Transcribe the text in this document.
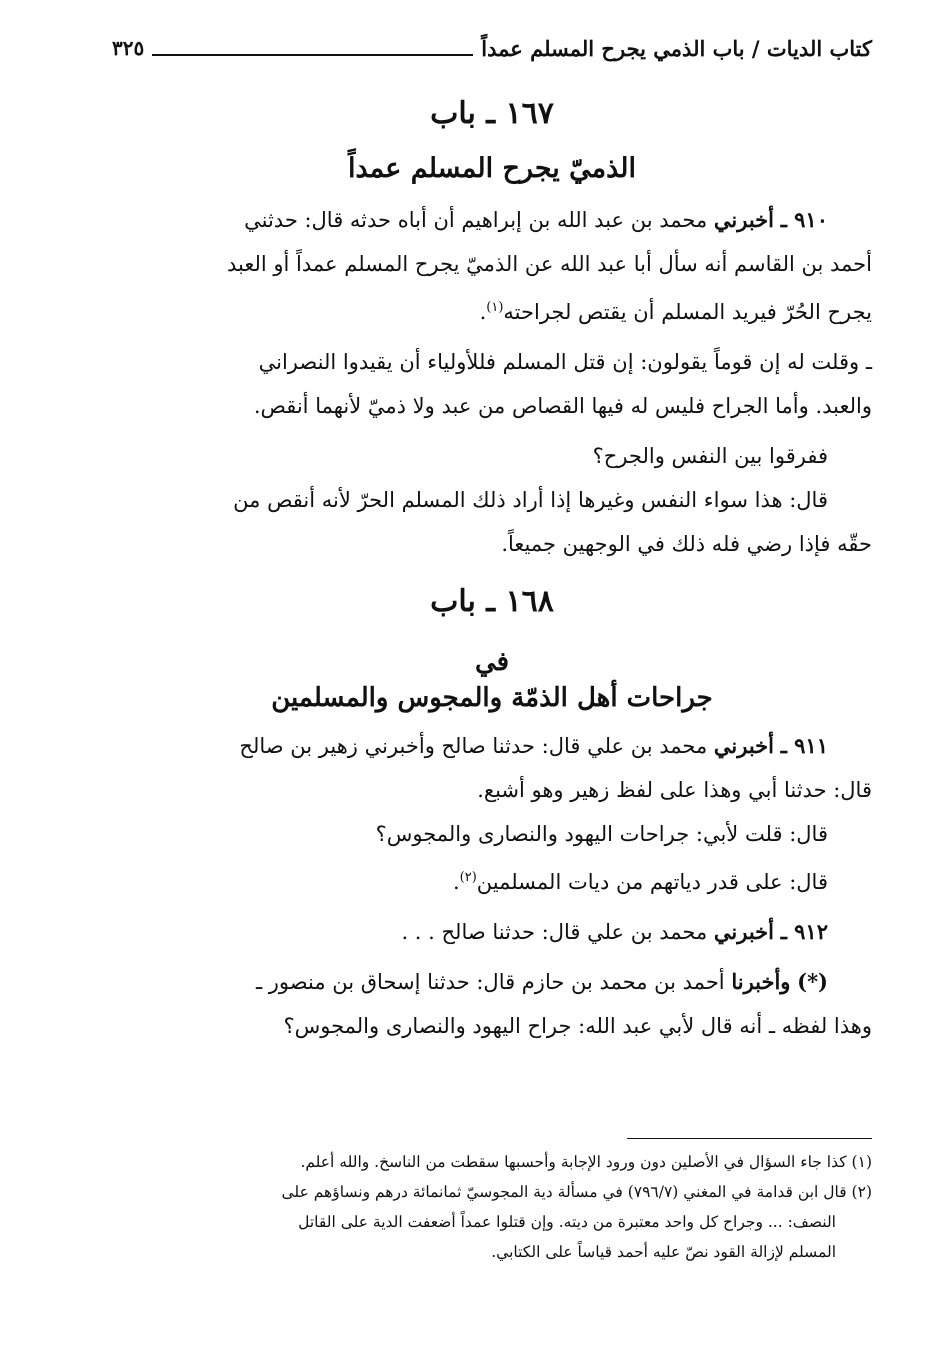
كتاب الديات / باب الذمي يجرح المسلم عمداً
٣٢٥
١٦٧ ـ باب
الذميّ يجرح المسلم عمداً

٩١٠ ـ أخبرني محمد بن عبد الله بن إبراهيم أن أباه حدثه قال: حدثني

أحمد بن القاسم أنه سأل أبا عبد الله عن الذميّ يجرح المسلم عمداً أو العبد

يجرح الحُرّ فيريد المسلم أن يقتص لجراحته$^{(١)}$.

ـ وقلت له إن قوماً يقولون: إن قتل المسلم فللأولياء أن يقيدوا النصراني

والعبد. وأما الجراح فليس له فيها القصاص من عبد ولا ذميّ لأنهما أنقص.

ففرقوا بين النفس والجرح؟

قال: هذا سواء النفس وغيرها إذا أراد ذلك المسلم الحرّ لأنه أنقص من

حقّه فإذا رضي فله ذلك في الوجهين جميعاً.

١٦٨ ـ باب
في
جراحات أهل الذمّة والمجوس والمسلمين

٩١١ ـ أخبرني محمد بن علي قال: حدثنا صالح وأخبرني زهير بن صالح

قال: حدثنا أبي وهذا على لفظ زهير وهو أشبع.

قال: قلت لأبي: جراحات اليهود والنصارى والمجوس؟

قال: على قدر دياتهم من ديات المسلمين$^{(٢)}$.

٩١٢ ـ أخبرني محمد بن علي قال: حدثنا صالح . . .

(*) وأخبرنا أحمد بن محمد بن حازم قال: حدثنا إسحاق بن منصور ـ

وهذا لفظه ـ أنه قال لأبي عبد الله: جراح اليهود والنصارى والمجوس؟

(١) كذا جاء السؤال في الأصلين دون ورود الإجابة وأحسبها سقطت من الناسخ. والله أعلم.

(٢) قال ابن قدامة في المغني (٧٩٦/٧) في مسألة دية المجوسيّ ثمانمائة درهم ونساؤهم على

النصف: ... وجراح كل واحد معتبرة من ديته. وإن قتلوا عمداً أضعفت الدية على القاتل

المسلم لإزالة القود نصّ عليه أحمد قياساً على الكتابي.
